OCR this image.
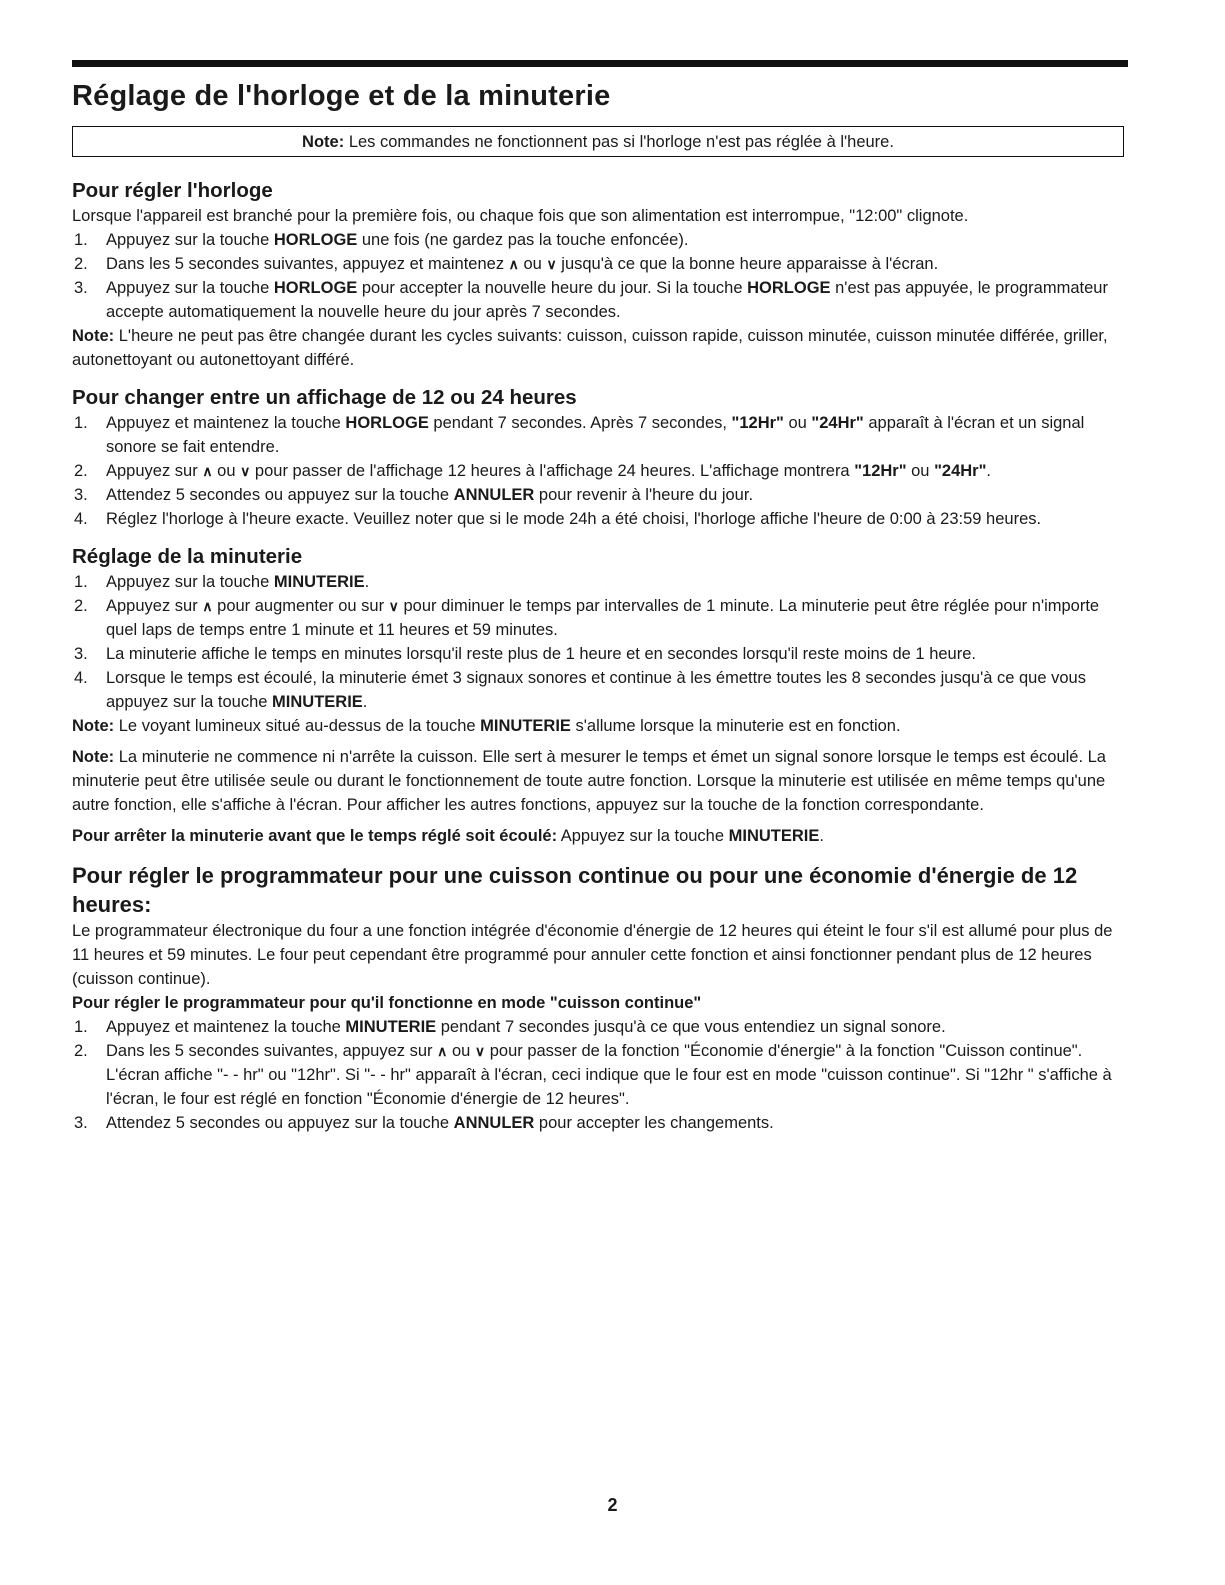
Réglage de l'horloge et de la minuterie
Note: Les commandes ne fonctionnent pas si l'horloge n'est pas réglée à l'heure.
Pour régler l'horloge

Lorsque l'appareil est branché pour la première fois, ou chaque fois que son alimentation est interrompue, "12:00" clignote.

1. Appuyez sur la touche HORLOGE une fois (ne gardez pas la touche enfoncée).
2. Dans les 5 secondes suivantes, appuyez et maintenez ∧ ou ∨ jusqu'à ce que la bonne heure apparaisse à l'écran.
3. Appuyez sur la touche HORLOGE pour accepter la nouvelle heure du jour. Si la touche HORLOGE n'est pas appuyée, le programmateur accepte automatiquement la nouvelle heure du jour après 7 secondes.

Note: L'heure ne peut pas être changée durant les cycles suivants: cuisson, cuisson rapide, cuisson minutée, cuisson minutée différée, griller, autonettoyant ou autonettoyant différé.

Pour changer entre un affichage de 12 ou 24 heures
1. Appuyez et maintenez la touche HORLOGE pendant 7 secondes. Après 7 secondes, "12Hr" ou "24Hr" apparaît à l'écran et un signal sonore se fait entendre.
2. Appuyez sur ∧ ou ∨ pour passer de l'affichage 12 heures à l'affichage 24 heures. L'affichage montrera "12Hr" ou "24Hr".
3. Attendez 5 secondes ou appuyez sur la touche ANNULER pour revenir à l'heure du jour.
4. Réglez l'horloge à l'heure exacte. Veuillez noter que si le mode 24h a été choisi, l'horloge affiche l'heure de 0:00 à 23:59 heures.
Réglage de la minuterie
1. Appuyez sur la touche MINUTERIE.
2. Appuyez sur ∧ pour augmenter ou sur ∨ pour diminuer le temps par intervalles de 1 minute. La minuterie peut être réglée pour n'importe quel laps de temps entre 1 minute et 11 heures et 59 minutes.
3. La minuterie affiche le temps en minutes lorsqu'il reste plus de 1 heure et en secondes lorsqu'il reste moins de 1 heure.
4. Lorsque le temps est écoulé, la minuterie émet 3 signaux sonores et continue à les émettre toutes les 8 secondes jusqu'à ce que vous appuyez sur la touche MINUTERIE.

Note: Le voyant lumineux situé au-dessus de la touche MINUTERIE s'allume lorsque la minuterie est en fonction.

Note: La minuterie ne commence ni n'arrête la cuisson. Elle sert à mesurer le temps et émet un signal sonore lorsque le temps est écoulé. La minuterie peut être utilisée seule ou durant le fonctionnement de toute autre fonction. Lorsque la minuterie est utilisée en même temps qu'une autre fonction, elle s'affiche à l'écran. Pour afficher les autres fonctions, appuyez sur la touche de la fonction correspondante.

Pour arrêter la minuterie avant que le temps réglé soit écoulé: Appuyez sur la touche MINUTERIE.

Pour régler le programmateur pour une cuisson continue ou pour une économie d'énergie de 12 heures:

Le programmateur électronique du four a une fonction intégrée d'économie d'énergie de 12 heures qui éteint le four s'il est allumé pour plus de 11 heures et 59 minutes. Le four peut cependant être programmé pour annuler cette fonction et ainsi fonctionner pendant plus de 12 heures (cuisson continue).

Pour régler le programmateur pour qu'il fonctionne en mode "cuisson continue"

1. Appuyez et maintenez la touche MINUTERIE pendant 7 secondes jusqu'à ce que vous entendiez un signal sonore.
2. Dans les 5 secondes suivantes, appuyez sur ∧ ou ∨ pour passer de la fonction "Économie d'énergie" à la fonction "Cuisson continue". L'écran affiche "- - hr" ou "12hr". Si "- - hr" apparaît à l'écran, ceci indique que le four est en mode "cuisson continue". Si "12hr " s'affiche à l'écran, le four est réglé en fonction "Économie d'énergie de 12 heures".
3. Attendez 5 secondes ou appuyez sur la touche ANNULER pour accepter les changements.
2
